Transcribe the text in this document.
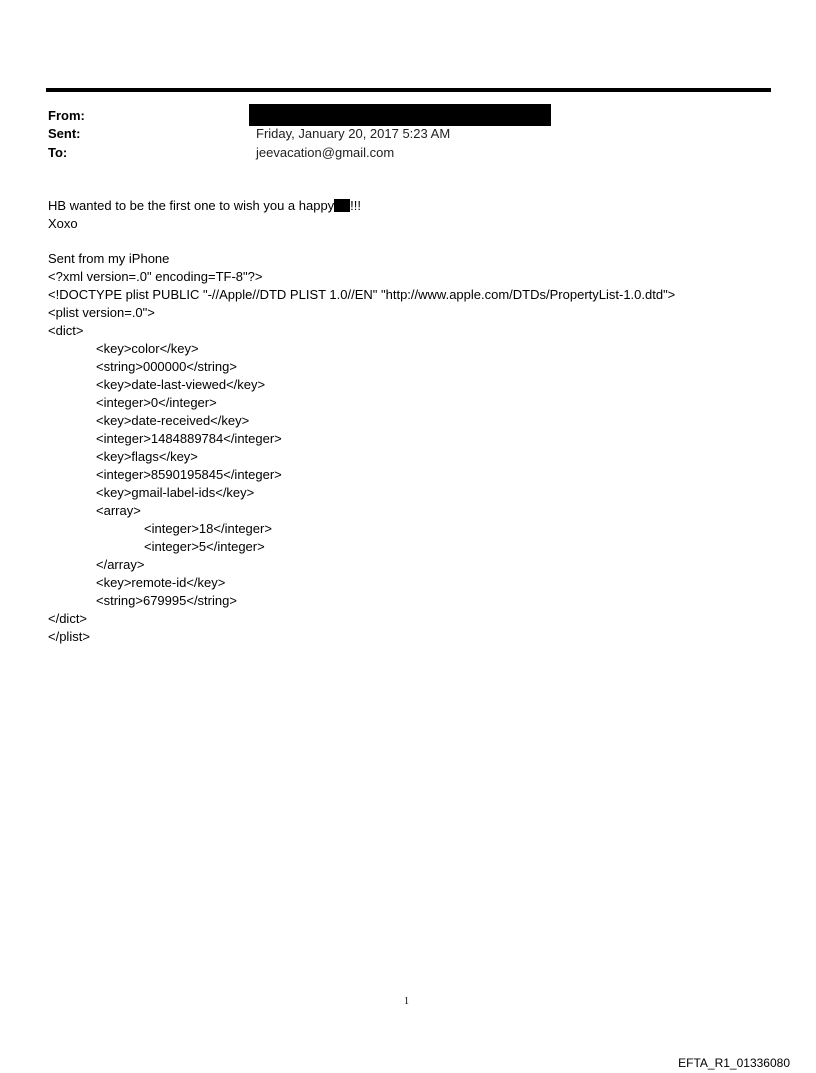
From:
Sent:	Friday, January 20, 2017 5:23 AM
To:	jeevacation@gmail.com
HB wanted to be the first one to wish you a happy !!!
Xoxo
Sent from my iPhone
<?xml version=.0" encoding=TF-8"?>
<!DOCTYPE plist PUBLIC "-//Apple//DTD PLIST 1.0//EN" "http://www.apple.com/DTDs/PropertyList-1.0.dtd">
<plist version=.0">
<dict>
<key>color</key>
<string>000000</string>
<key>date-last-viewed</key>
<integer>0</integer>
<key>date-received</key>
<integer>1484889784</integer>
<key>flags</key>
<integer>8590195845</integer>
<key>gmail-label-ids</key>
<array>
<integer>18</integer>
<integer>5</integer>
</array>
<key>remote-id</key>
<string>679995</string>
</dict>
</plist>
1
EFTA_R1_01336080
